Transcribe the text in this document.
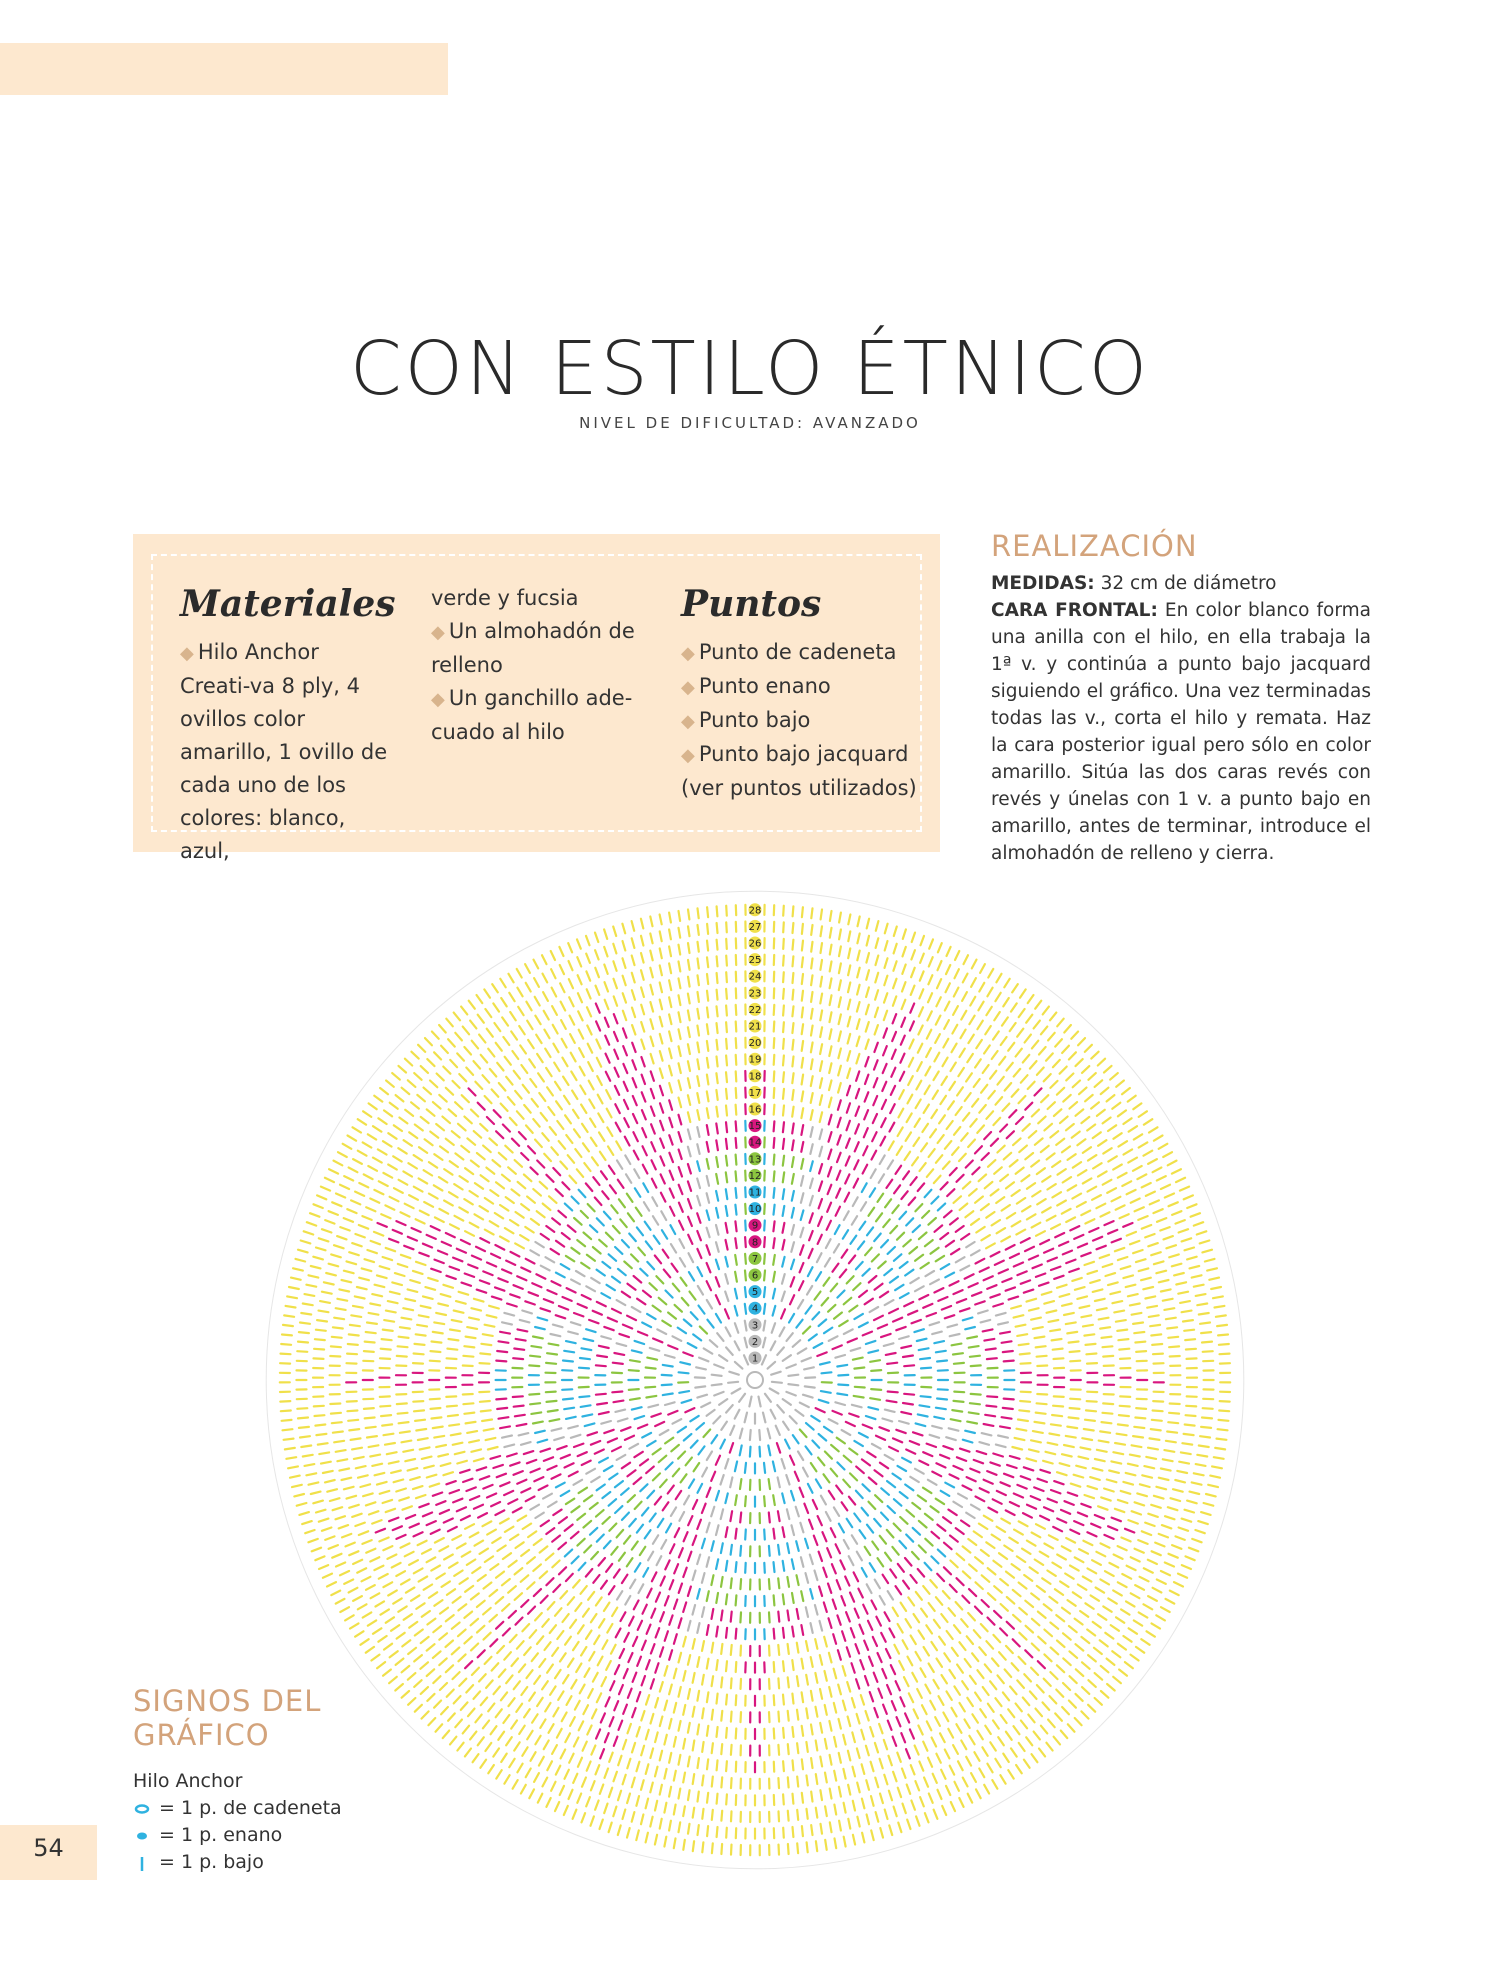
CON ESTILO ÉTNICO

NIVEL DE DIFICULTAD: AVANZADO

Materiales
◆ Hilo Anchor Creati-va 8 ply, 4 ovillos color amarillo, 1 ovillo de cada uno de los colores: blanco, azul,
verde y fucsia
◆ Un almohadón de relleno
◆ Un ganchillo ade-cuado al hilo
Puntos
◆ Punto de cadeneta
◆ Punto enano
◆ Punto bajo
◆ Punto bajo jacquard (ver puntos utilizados)
REALIZACIÓN
MEDIDAS: 32 cm de diámetro
CARA FRONTAL: En color blanco forma una anilla con el hilo, en ella trabaja la 1ª v. y continúa a punto bajo jacquard siguiendo el gráfico. Una vez terminadas todas las v., corta el hilo y remata. Haz la cara posterior igual pero sólo en color amarillo. Sitúa las dos caras revés con revés y únelas con 1 v. a punto bajo en amarillo, antes de terminar, introduce el almohadón de relleno y cierra.
1
2
3
4
5
6
7
8
9
10
11
12
13
14
15
16
17
18
19
20
21
22
23
24
25
26
27
28
SIGNOS DEL GRÁFICO
Hilo Anchor
= 1 p. de cadeneta
= 1 p. enano
= 1 p. bajo
54
